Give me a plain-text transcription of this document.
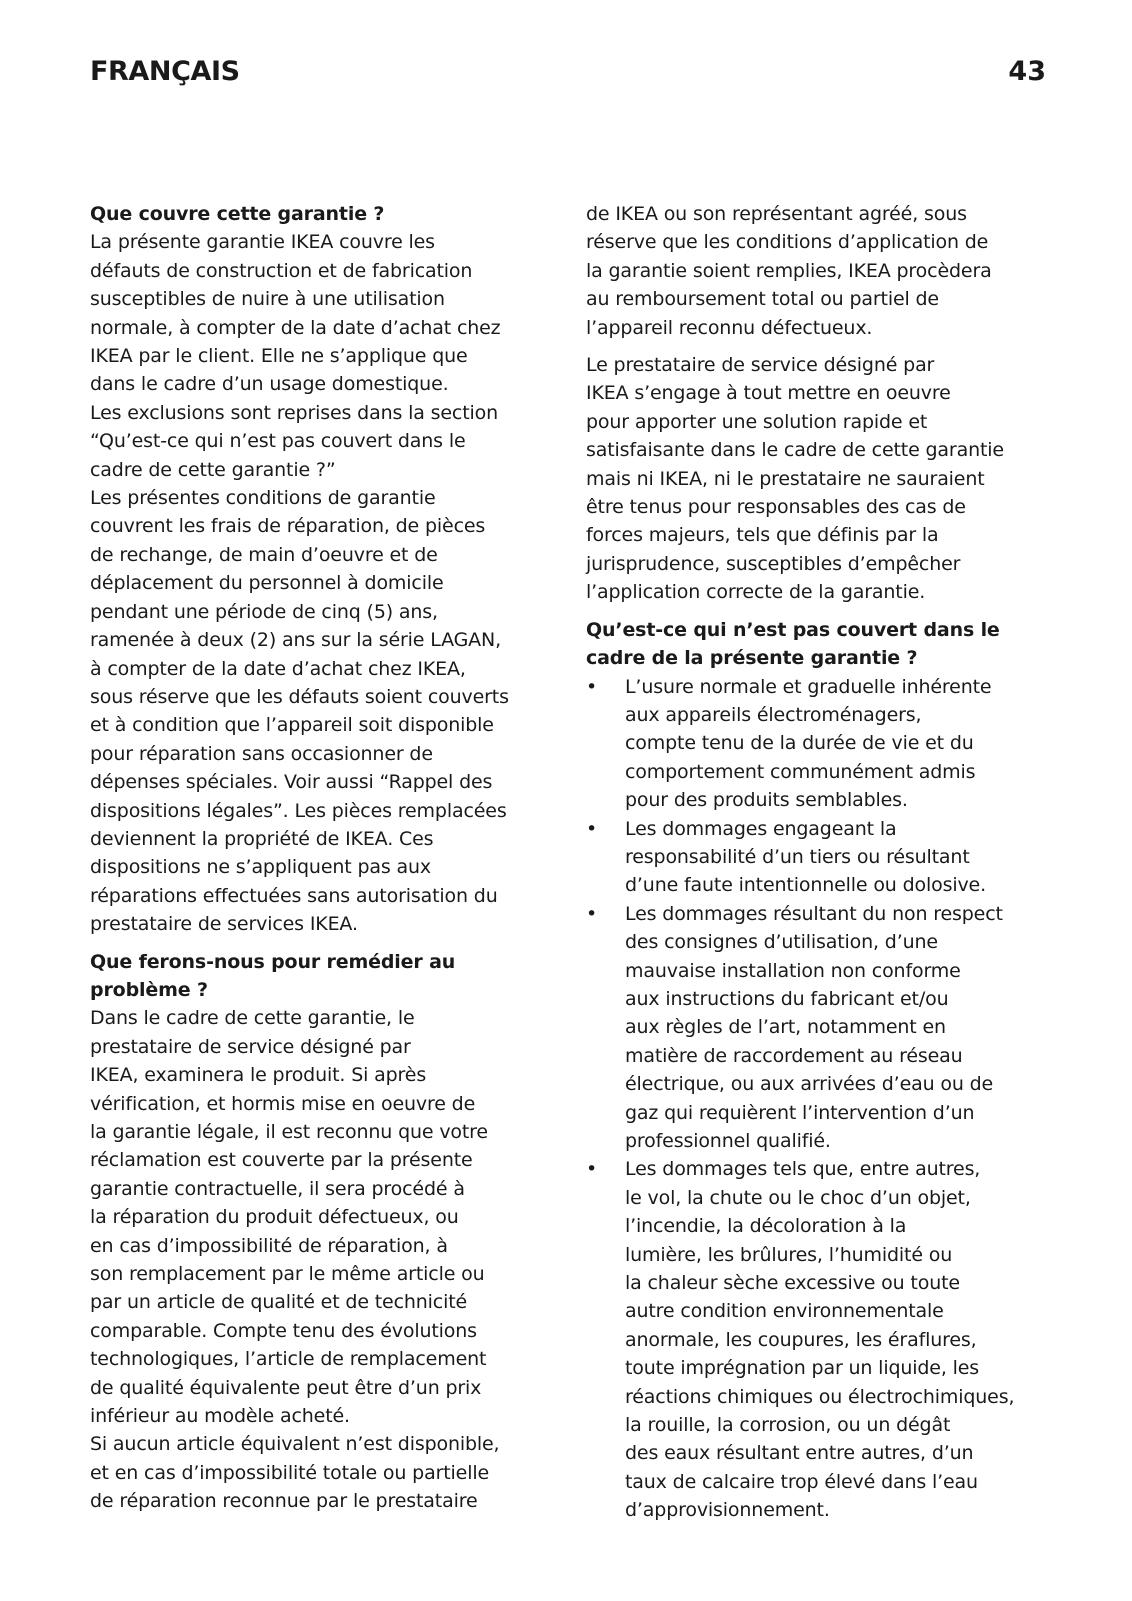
FRANÇAIS	43
Que couvre cette garantie ?
La présente garantie IKEA couvre les
défauts de construction et de fabrication
susceptibles de nuire à une utilisation
normale, à compter de la date d’achat chez
IKEA par le client. Elle ne s’applique que
dans le cadre d’un usage domestique.
Les exclusions sont reprises dans la section
“Qu’est-ce qui n’est pas couvert dans le
cadre de cette garantie ?”
Les présentes conditions de garantie
couvrent les frais de réparation, de pièces
de rechange, de main d’oeuvre et de
déplacement du personnel à domicile
pendant une période de cinq (5) ans,
ramenée à deux (2) ans sur la série LAGAN,
à compter de la date d’achat chez IKEA,
sous réserve que les défauts soient couverts
et à condition que l’appareil soit disponible
pour réparation sans occasionner de
dépenses spéciales. Voir aussi “Rappel des
dispositions légales”. Les pièces remplacées
deviennent la propriété de IKEA. Ces
dispositions ne s’appliquent pas aux
réparations effectuées sans autorisation du
prestataire de services IKEA.
Que ferons-nous pour remédier au
problème ?
Dans le cadre de cette garantie, le
prestataire de service désigné par
IKEA, examinera le produit. Si après
vérification, et hormis mise en oeuvre de
la garantie légale, il est reconnu que votre
réclamation est couverte par la présente
garantie contractuelle, il sera procédé à
la réparation du produit défectueux, ou
en cas d’impossibilité de réparation, à
son remplacement par le même article ou
par un article de qualité et de technicité
comparable. Compte tenu des évolutions
technologiques, l’article de remplacement
de qualité équivalente peut être d’un prix
inférieur au modèle acheté.
Si aucun article équivalent n’est disponible,
et en cas d’impossibilité totale ou partielle
de réparation reconnue par le prestataire
de IKEA ou son représentant agréé, sous
réserve que les conditions d’application de
la garantie soient remplies, IKEA procèdera
au remboursement total ou partiel de
l’appareil reconnu défectueux.
Le prestataire de service désigné par
IKEA s’engage à tout mettre en oeuvre
pour apporter une solution rapide et
satisfaisante dans le cadre de cette garantie
mais ni IKEA, ni le prestataire ne sauraient
être tenus pour responsables des cas de
forces majeurs, tels que définis par la
jurisprudence, susceptibles d’empêcher
l’application correcte de la garantie.
Qu’est-ce qui n’est pas couvert dans le
cadre de la présente garantie ?
• L’usure normale et graduelle inhérente
aux appareils électroménagers,
compte tenu de la durée de vie et du
comportement communément admis
pour des produits semblables.
• Les dommages engageant la
responsabilité d’un tiers ou résultant
d’une faute intentionnelle ou dolosive.
• Les dommages résultant du non respect
des consignes d’utilisation, d’une
mauvaise installation non conforme
aux instructions du fabricant et/ou
aux règles de l’art, notamment en
matière de raccordement au réseau
électrique, ou aux arrivées d’eau ou de
gaz qui requièrent l’intervention d’un
professionnel qualifié.
• Les dommages tels que, entre autres,
le vol, la chute ou le choc d’un objet,
l’incendie, la décoloration à la
lumière, les brûlures, l’humidité ou
la chaleur sèche excessive ou toute
autre condition environnementale
anormale, les coupures, les éraflures,
toute imprégnation par un liquide, les
réactions chimiques ou électrochimiques,
la rouille, la corrosion, ou un dégât
des eaux résultant entre autres, d’un
taux de calcaire trop élevé dans l’eau
d’approvisionnement.
